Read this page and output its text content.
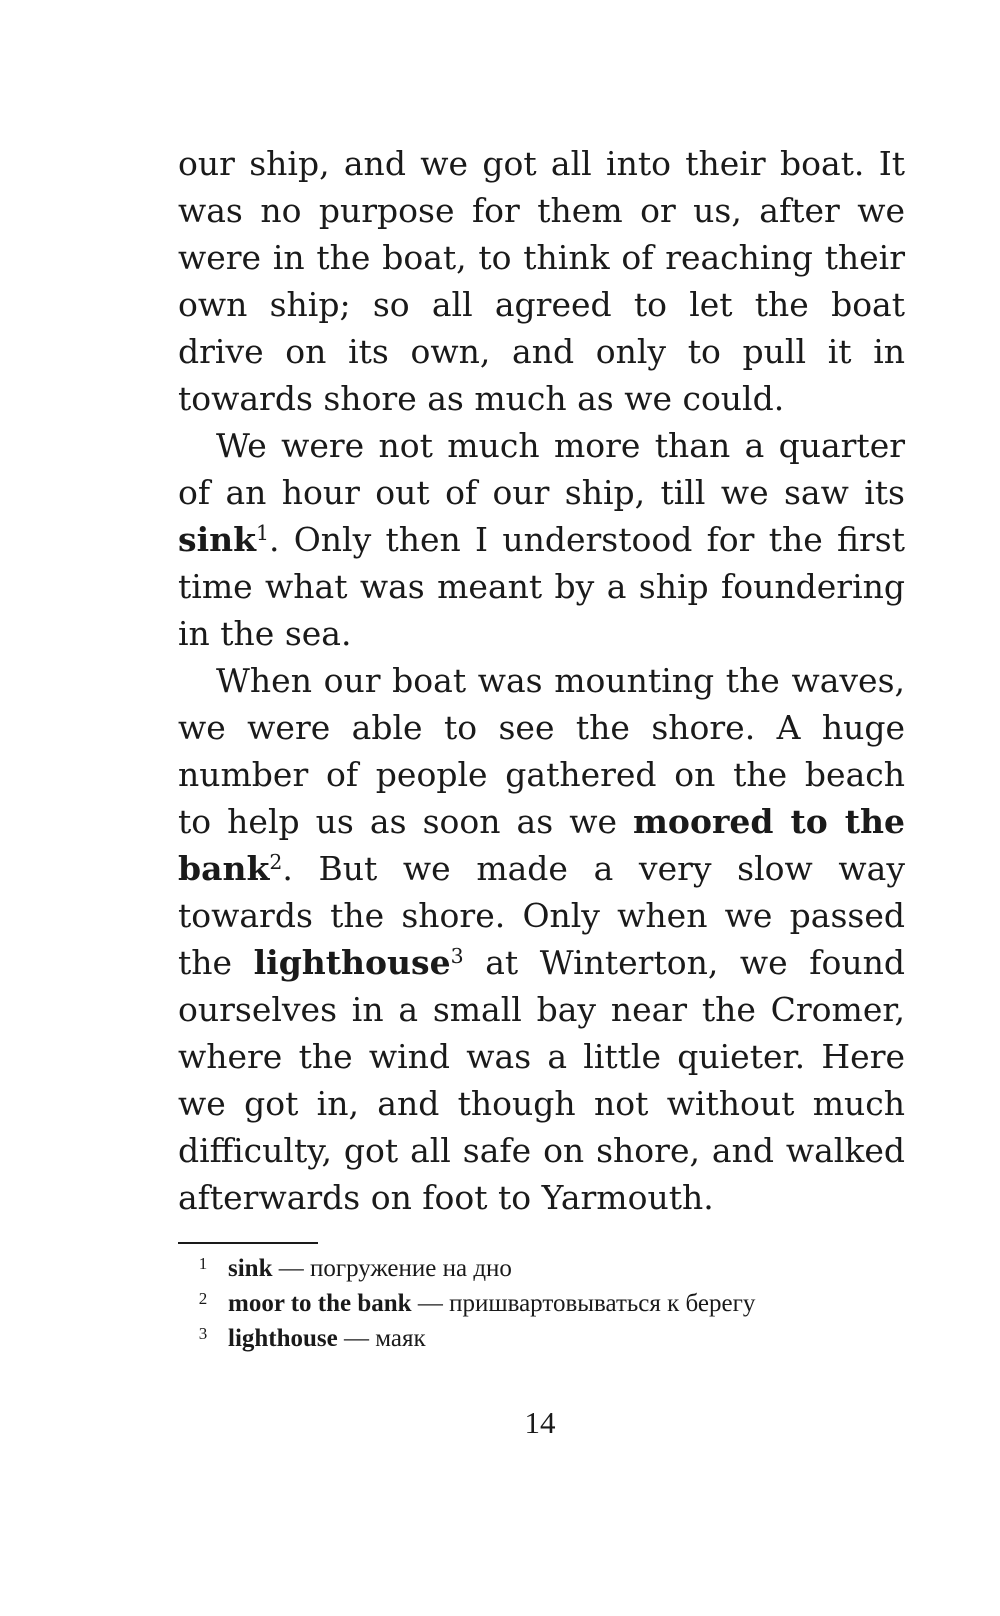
our ship, and we got all into their boat. It was no purpose for them or us, after we were in the boat, to think of reaching their own ship; so all agreed to let the boat drive on its own, and only to pull it in towards shore as much as we could.

We were not much more than a quarter of an hour out of our ship, till we saw its sink$^1$. Only then I understood for the first time what was meant by a ship foundering in the sea.

When our boat was mounting the waves, we were able to see the shore. A huge number of people gathered on the beach to help us as soon as we moored to the bank$^2$. But we made a very slow way towards the shore. Only when we passed the lighthouse$^3$ at Winterton, we found ourselves in a small bay near the Cromer, where the wind was a little quieter. Here we got in, and though not without much difficulty, got all safe on shore, and walked afterwards on foot to Yarmouth.

1 sink — погружение на дно
2 moor to the bank — пришвартовываться к берегу
3 lighthouse — маяк
14
